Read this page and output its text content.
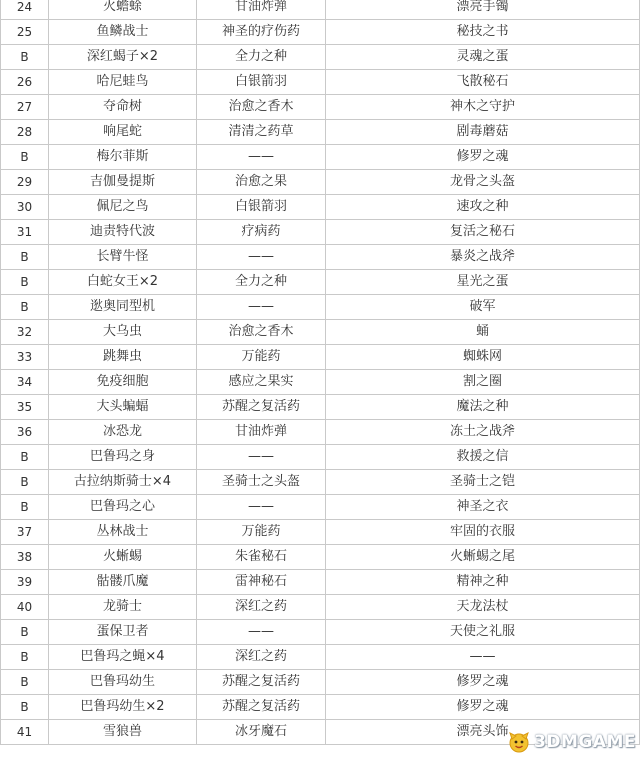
24	火蟾蜍	甘油炸弹	漂亮手镯
25	鱼鳞战士	神圣的疗伤药	秘技之书
B	深红蝎子×2	全力之种	灵魂之蛋
26	哈尼蛙鸟	白银箭羽	飞散秘石
27	夺命树	治愈之香木	神木之守护
28	响尾蛇	清清之药草	剧毒蘑菇
B	梅尔菲斯	——	修罗之魂
29	吉伽曼提斯	治愈之果	龙骨之头盔
30	佩尼之鸟	白银箭羽	速攻之种
31	迪责特代波	疗病药	复活之秘石
B	长臂牛怪	——	暴炎之战斧
B	白蛇女王×2	全力之种	星光之蛋
B	逖奥同型机	——	破军
32	大乌虫	治愈之香木	蛹
33	跳舞虫	万能药	蜘蛛网
34	免疫细胞	感应之果实	割之圈
35	大头蝙蝠	苏醒之复活药	魔法之种
36	冰恐龙	甘油炸弹	冻土之战斧
B	巴鲁玛之身	——	救援之信
B	古拉纳斯骑士×4	圣骑士之头盔	圣骑士之铠
B	巴鲁玛之心	——	神圣之衣
37	丛林战士	万能药	牢固的衣服
38	火蜥蜴	朱雀秘石	火蜥蜴之尾
39	骷髅爪魔	雷神秘石	精神之种
40	龙骑士	深红之药	天龙法杖
B	蛋保卫者	——	天使之礼服
B	巴鲁玛之蝇×4	深红之药	——
B	巴鲁玛幼生	苏醒之复活药	修罗之魂
B	巴鲁玛幼生×2	苏醒之复活药	修罗之魂
41	雪狼兽	冰牙魔石	漂亮头饰
3DMGAME
